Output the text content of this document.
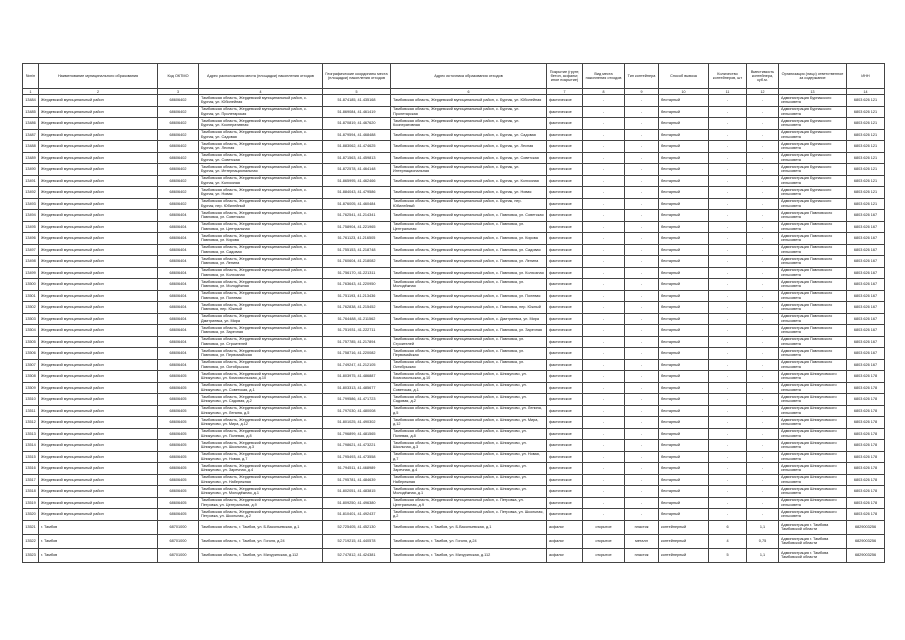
№п/п	Наименование муниципального образования	Код ОКТМО	Адрес расположения места (площадки) накопления отходов	Географические координаты места (площадки) накопления отходов	Адрес источника образования отходов	Покрытие (грунт, бетон, асфальт, иное покрытие)	Вид места накопления отходов	Тип контейнера	Способ вывоза	Количество контейнеров, шт	Вместимость контейнера, куб.м.	Организация (лицо) ответственное за содержание	ИНН
1	2	3	4	5	6	7	8	9	10	11	12	13	14
13484	Жердевский муниципальный район	68606402	Тамбовская область, Жердевский муниципальный район, с. Бурнак, ул. Юбилейная	51.874185, 41.435168	Тамбовская область, Жердевский муниципальный район, с. Бурнак, ул. Юбилейная	фактическое	-	-	бестарный	-	-	Администрация Бурнакского сельсовета	6803 626 121
13485	Жердевский муниципальный район	68606402	Тамбовская область, Жердевский муниципальный район, с. Бурнак, ул. Пролетарская	51.869084, 41.461419	Тамбовская область, Жердевский муниципальный район, с. Бурнак, ул. Пролетарская	фактическое	-	-	бестарный	-	-	Администрация Бурнакского сельсовета	6803 626 121
13486	Жердевский муниципальный район	68606402	Тамбовская область, Жердевский муниципальный район, с. Бурнак, ул. Кооперативная	51.870819, 41.467620	Тамбовская область, Жердевский муниципальный район, с. Бурнак, ул. Кооперативная	фактическое	-	-	бестарный	-	-	Администрация Бурнакского сельсовета	6803 626 121
13487	Жердевский муниципальный район	68606402	Тамбовская область, Жердевский муниципальный район, с. Бурнак, ул. Садовая	51.879594, 41.468488	Тамбовская область, Жердевский муниципальный район, с. Бурнак, ул. Садовая	фактическое	-	-	бестарный	-	-	Администрация Бурнакского сельсовета	6803 626 121
13488	Жердевский муниципальный район	68606402	Тамбовская область, Жердевский муниципальный район, с. Бурнак, ул. Лесная	51.883062, 41.474625	Тамбовская область, Жердевский муниципальный район, с. Бурнак, ул. Лесная	фактическое	-	-	бестарный	-	-	Администрация Бурнакского сельсовета	6803 626 121
13489	Жердевский муниципальный район	68606402	Тамбовская область, Жердевский муниципальный район, с. Бурнак, ул. Советская	51.871563, 41.459813	Тамбовская область, Жердевский муниципальный район, с. Бурнак, ул. Советская	фактическое	-	-	бестарный	-	-	Администрация Бурнакского сельсовета	6803 626 121
13490	Жердевский муниципальный район	68606402	Тамбовская область, Жердевский муниципальный район, с. Бурнак, ул. Интернациональная	51.872578, 41.464148	Тамбовская область, Жердевский муниципальный район, с. Бурнак, ул. Интернациональная	фактическое	-	-	бестарный	-	-	Администрация Бурнакского сельсовета	6803 626 121
13491	Жердевский муниципальный район	68606402	Тамбовская область, Жердевский муниципальный район, с. Бурнак, ул. Колхозная	51.865995, 41.462466	Тамбовская область, Жердевский муниципальный район, с. Бурнак, ул. Колхозная	фактическое	-	-	бестарный	-	-	Администрация Бурнакского сельсовета	6803 626 121
13492	Жердевский муниципальный район	68606402	Тамбовская область, Жердевский муниципальный район, с. Бурнак, ул. Новая	51.884043, 41.479586	Тамбовская область, Жердевский муниципальный район, с. Бурнак, ул. Новая	фактическое	-	-	бестарный	-	-	Администрация Бурнакского сельсовета	6803 626 121
13493	Жердевский муниципальный район	68606402	Тамбовская область, Жердевский муниципальный район, с. Бурнак, пер. Юбилейный	51.876005, 41.460484	Тамбовская область, Жердевский муниципальный район, с. Бурнак, пер. Юбилейный	фактическое	-	-	бестарный	-	-	Администрация Бурнакского сельсовета	6803 626 121
13494	Жердевский муниципальный район	68606404	Тамбовская область, Жердевский муниципальный район, с. Павловка, ул. Советская	51.762541, 41.214341	Тамбовская область, Жердевский муниципальный район, с. Павловка, ул. Советская	фактическое	-	-	бестарный	-	-	Администрация Павловского сельсовета	6803 626 167
13495	Жердевский муниципальный район	68606404	Тамбовская область, Жердевский муниципальный район, с. Павловка, ул. Центральная	51.758904, 41.221965	Тамбовская область, Жердевский муниципальный район, с. Павловка, ул. Центральная	фактическое	-	-	бестарный	-	-	Администрация Павловского сельсовета	6803 626 167
13496	Жердевский муниципальный район	68606404	Тамбовская область, Жердевский муниципальный район, с. Павловка, ул. Кирова	51.761123, 41.216505	Тамбовская область, Жердевский муниципальный район, с. Павловка, ул. Кирова	фактическое	-	-	бестарный	-	-	Администрация Павловского сельсовета	6803 626 167
13497	Жердевский муниципальный район	68606404	Тамбовская область, Жердевский муниципальный район, с. Павловка, ул. Садовая	51.755153, 41.218748	Тамбовская область, Жердевский муниципальный район, с. Павловка, ул. Садовая	фактическое	-	-	бестарный	-	-	Администрация Павловского сельсовета	6803 626 167
13498	Жердевский муниципальный район	68606404	Тамбовская область, Жердевский муниципальный район, с. Павловка, ул. Ленина	51.760604, 41.218082	Тамбовская область, Жердевский муниципальный район, с. Павловка, ул. Ленина	фактическое	-	-	бестарный	-	-	Администрация Павловского сельсовета	6803 626 167
13499	Жердевский муниципальный район	68606404	Тамбовская область, Жердевский муниципальный район, с. Павловка, ул. Колхозная	51.756170, 41.221311	Тамбовская область, Жердевский муниципальный район, с. Павловка, ул. Колхозная	фактическое	-	-	бестарный	-	-	Администрация Павловского сельсовета	6803 626 167
13500	Жердевский муниципальный район	68606404	Тамбовская область, Жердевский муниципальный район, с. Павловка, ул. Молодёжная	51.763643, 41.220950	Тамбовская область, Жердевский муниципальный район, с. Павловка, ул. Молодёжная	фактическое	-	-	бестарный	-	-	Администрация Павловского сельсовета	6803 626 167
13501	Жердевский муниципальный район	68606404	Тамбовская область, Жердевский муниципальный район, с. Павловка, ул. Полевая	51.751193, 41.213436	Тамбовская область, Жердевский муниципальный район, с. Павловка, ул. Полевая	фактическое	-	-	бестарный	-	-	Администрация Павловского сельсовета	6803 626 167
13502	Жердевский муниципальный район	68606404	Тамбовская область, Жердевский муниципальный район, с. Павловка, пер. Южный	51.762838, 41.215452	Тамбовская область, Жердевский муниципальный район, с. Павловка, пер. Южный	фактическое	-	-	бестарный	-	-	Администрация Павловского сельсовета	6803 626 167
13503	Жердевский муниципальный район	68606404	Тамбовская область, Жердевский муниципальный район, с. Дмитриевка, ул. Мира	51.764488, 41.211562	Тамбовская область, Жердевский муниципальный район, с. Дмитриевка, ул. Мира	фактическое	-	-	бестарный	-	-	Администрация Павловского сельсовета	6803 626 167
13504	Жердевский муниципальный район	68606404	Тамбовская область, Жердевский муниципальный район, с. Павловка, ул. Заречная	51.751931, 41.222711	Тамбовская область, Жердевский муниципальный район, с. Павловка, ул. Заречная	фактическое	-	-	бестарный	-	-	Администрация Павловского сельсовета	6803 626 167
13505	Жердевский муниципальный район	68606404	Тамбовская область, Жердевский муниципальный район, с. Павловка, ул. Строителей	51.757785, 41.217894	Тамбовская область, Жердевский муниципальный район, с. Павловка, ул. Строителей	фактическое	-	-	бестарный	-	-	Администрация Павловского сельсовета	6803 626 167
13506	Жердевский муниципальный район	68606404	Тамбовская область, Жердевский муниципальный район, с. Павловка, ул. Первомайская	51.758716, 41.220082	Тамбовская область, Жердевский муниципальный район, с. Павловка, ул. Первомайская	фактическое	-	-	бестарный	-	-	Администрация Павловского сельсовета	6803 626 167
13507	Жердевский муниципальный район	68606404	Тамбовская область, Жердевский муниципальный район, с. Павловка, ул. Октябрьская	51.749247, 41.212105	Тамбовская область, Жердевский муниципальный район, с. Павловка, ул. Октябрьская	фактическое	-	-	бестарный	-	-	Администрация Павловского сельсовета	6803 626 167
13508	Жердевский муниципальный район	68606405	Тамбовская область, Жердевский муниципальный район, с. Шпикулово, ул. Комсомольская, д.10	51.803975, 41.486887	Тамбовская область, Жердевский муниципальный район, с. Шпикулово, ул. Комсомольская, д.10	фактическое	-	-	бестарный	-	-	Администрация Шпикуловского сельсовета	6803 626 178
13509	Жердевский муниципальный район	68606405	Тамбовская область, Жердевский муниципальный район, с. Шпикулово, ул. Советская, д.1	51.803313, 41.485677	Тамбовская область, Жердевский муниципальный район, с. Шпикулово, ул. Советская, д.1	фактическое	-	-	бестарный	-	-	Администрация Шпикуловского сельсовета	6803 626 178
13510	Жердевский муниципальный район	68606405	Тамбовская область, Жердевский муниципальный район, с. Шпикулово, ул. Садовая, д.2	51.799586, 41.471723	Тамбовская область, Жердевский муниципальный район, с. Шпикулово, ул. Садовая, д.2	фактическое	-	-	бестарный	-	-	Администрация Шпикуловского сельсовета	6803 626 178
13511	Жердевский муниципальный район	68606405	Тамбовская область, Жердевский муниципальный район, с. Шпикулово, ул. Ленина, д.5	51.797030, 41.480008	Тамбовская область, Жердевский муниципальный район, с. Шпикулово, ул. Ленина, д.5	фактическое	-	-	бестарный	-	-	Администрация Шпикуловского сельсовета	6803 626 178
13512	Жердевский муниципальный район	68606405	Тамбовская область, Жердевский муниципальный район, с. Шпикулово, ул. Мира, д.12	51.801025, 41.490302	Тамбовская область, Жердевский муниципальный район, с. Шпикулово, ул. Мира, д.12	фактическое	-	-	бестарный	-	-	Администрация Шпикуловского сельсовета	6803 626 178
13513	Жердевский муниципальный район	68606405	Тамбовская область, Жердевский муниципальный район, с. Шпикулово, ул. Полевая, д.8	51.796899, 41.481565	Тамбовская область, Жердевский муниципальный район, с. Шпикулово, ул. Полевая, д.8	фактическое	-	-	бестарный	-	-	Администрация Шпикуловского сельсовета	6803 626 178
13514	Жердевский муниципальный район	68606405	Тамбовская область, Жердевский муниципальный район, с. Шпикулово, ул. Школьная, д.3	51.798621, 41.473221	Тамбовская область, Жердевский муниципальный район, с. Шпикулово, ул. Школьная, д.3	фактическое	-	-	бестарный	-	-	Администрация Шпикуловского сельсовета	6803 626 178
13515	Жердевский муниципальный район	68606405	Тамбовская область, Жердевский муниципальный район, с. Шпикулово, ул. Новая, д.7	51.795493, 41.473558	Тамбовская область, Жердевский муниципальный район, с. Шпикулово, ул. Новая, д.7	фактическое	-	-	бестарный	-	-	Администрация Шпикуловского сельсовета	6803 626 178
13516	Жердевский муниципальный район	68606405	Тамбовская область, Жердевский муниципальный район, с. Шпикулово, ул. Заречная, д.4	51.794511, 41.468989	Тамбовская область, Жердевский муниципальный район, с. Шпикулово, ул. Заречная, д.4	фактическое	-	-	бестарный	-	-	Администрация Шпикуловского сельсовета	6803 626 178
13517	Жердевский муниципальный район	68606405	Тамбовская область, Жердевский муниципальный район, с. Шпикулово, ул. Набережная	51.795781, 41.484639	Тамбовская область, Жердевский муниципальный район, с. Шпикулово, ул. Набережная	фактическое	-	-	бестарный	-	-	Администрация Шпикуловского сельсовета	6803 626 178
13518	Жердевский муниципальный район	68606405	Тамбовская область, Жердевский муниципальный район, с. Шпикулово, ул. Молодёжная, д.1	51.802051, 41.483815	Тамбовская область, Жердевский муниципальный район, с. Шпикулово, ул. Молодёжная, д.1	фактическое	-	-	бестарный	-	-	Администрация Шпикуловского сельсовета	6803 626 178
13519	Жердевский муниципальный район	68606405	Тамбовская область, Жердевский муниципальный район, с. Петровка, ул. Центральная, д.9	51.809250, 41.496380	Тамбовская область, Жердевский муниципальный район, с. Петровка, ул. Центральная, д.9	фактическое	-	-	бестарный	-	-	Администрация Шпикуловского сельсовета	6803 626 178
13520	Жердевский муниципальный район	68606405	Тамбовская область, Жердевский муниципальный район, с. Петровка, ул. Школьная, д.2	51.810401, 41.492437	Тамбовская область, Жердевский муниципальный район, с. Петровка, ул. Школьная, д.2	фактическое	-	-	бестарный	-	-	Администрация Шпикуловского сельсовета	6803 626 178
13521	г. Тамбов	68701000	Тамбовская область, г. Тамбов, ул. Б.Васильевская, д.1	52.725405, 41.452130	Тамбовская область, г. Тамбов, ул. Б.Васильевская, д.1	асфальт	открытое	пластик	контейнерный	6	1,1	Администрация г. Тамбова Тамбовской области	6829003256
13522	г. Тамбов	68701000	Тамбовская область, г. Тамбов, ул. Гоголя, д.24	52.719215, 41.440578	Тамбовская область, г. Тамбов, ул. Гоголя, д.24	асфальт	открытое	металл	контейнерный	4	0,75	Администрация г. Тамбова Тамбовской области	6829003256
13523	г. Тамбов	68701000	Тамбовская область, г. Тамбов, ул. Мичуринская, д.112	52.747812, 41.424381	Тамбовская область, г. Тамбов, ул. Мичуринская, д.112	асфальт	открытое	пластик	контейнерный	5	1,1	Администрация г. Тамбова Тамбовской области	6829003256
